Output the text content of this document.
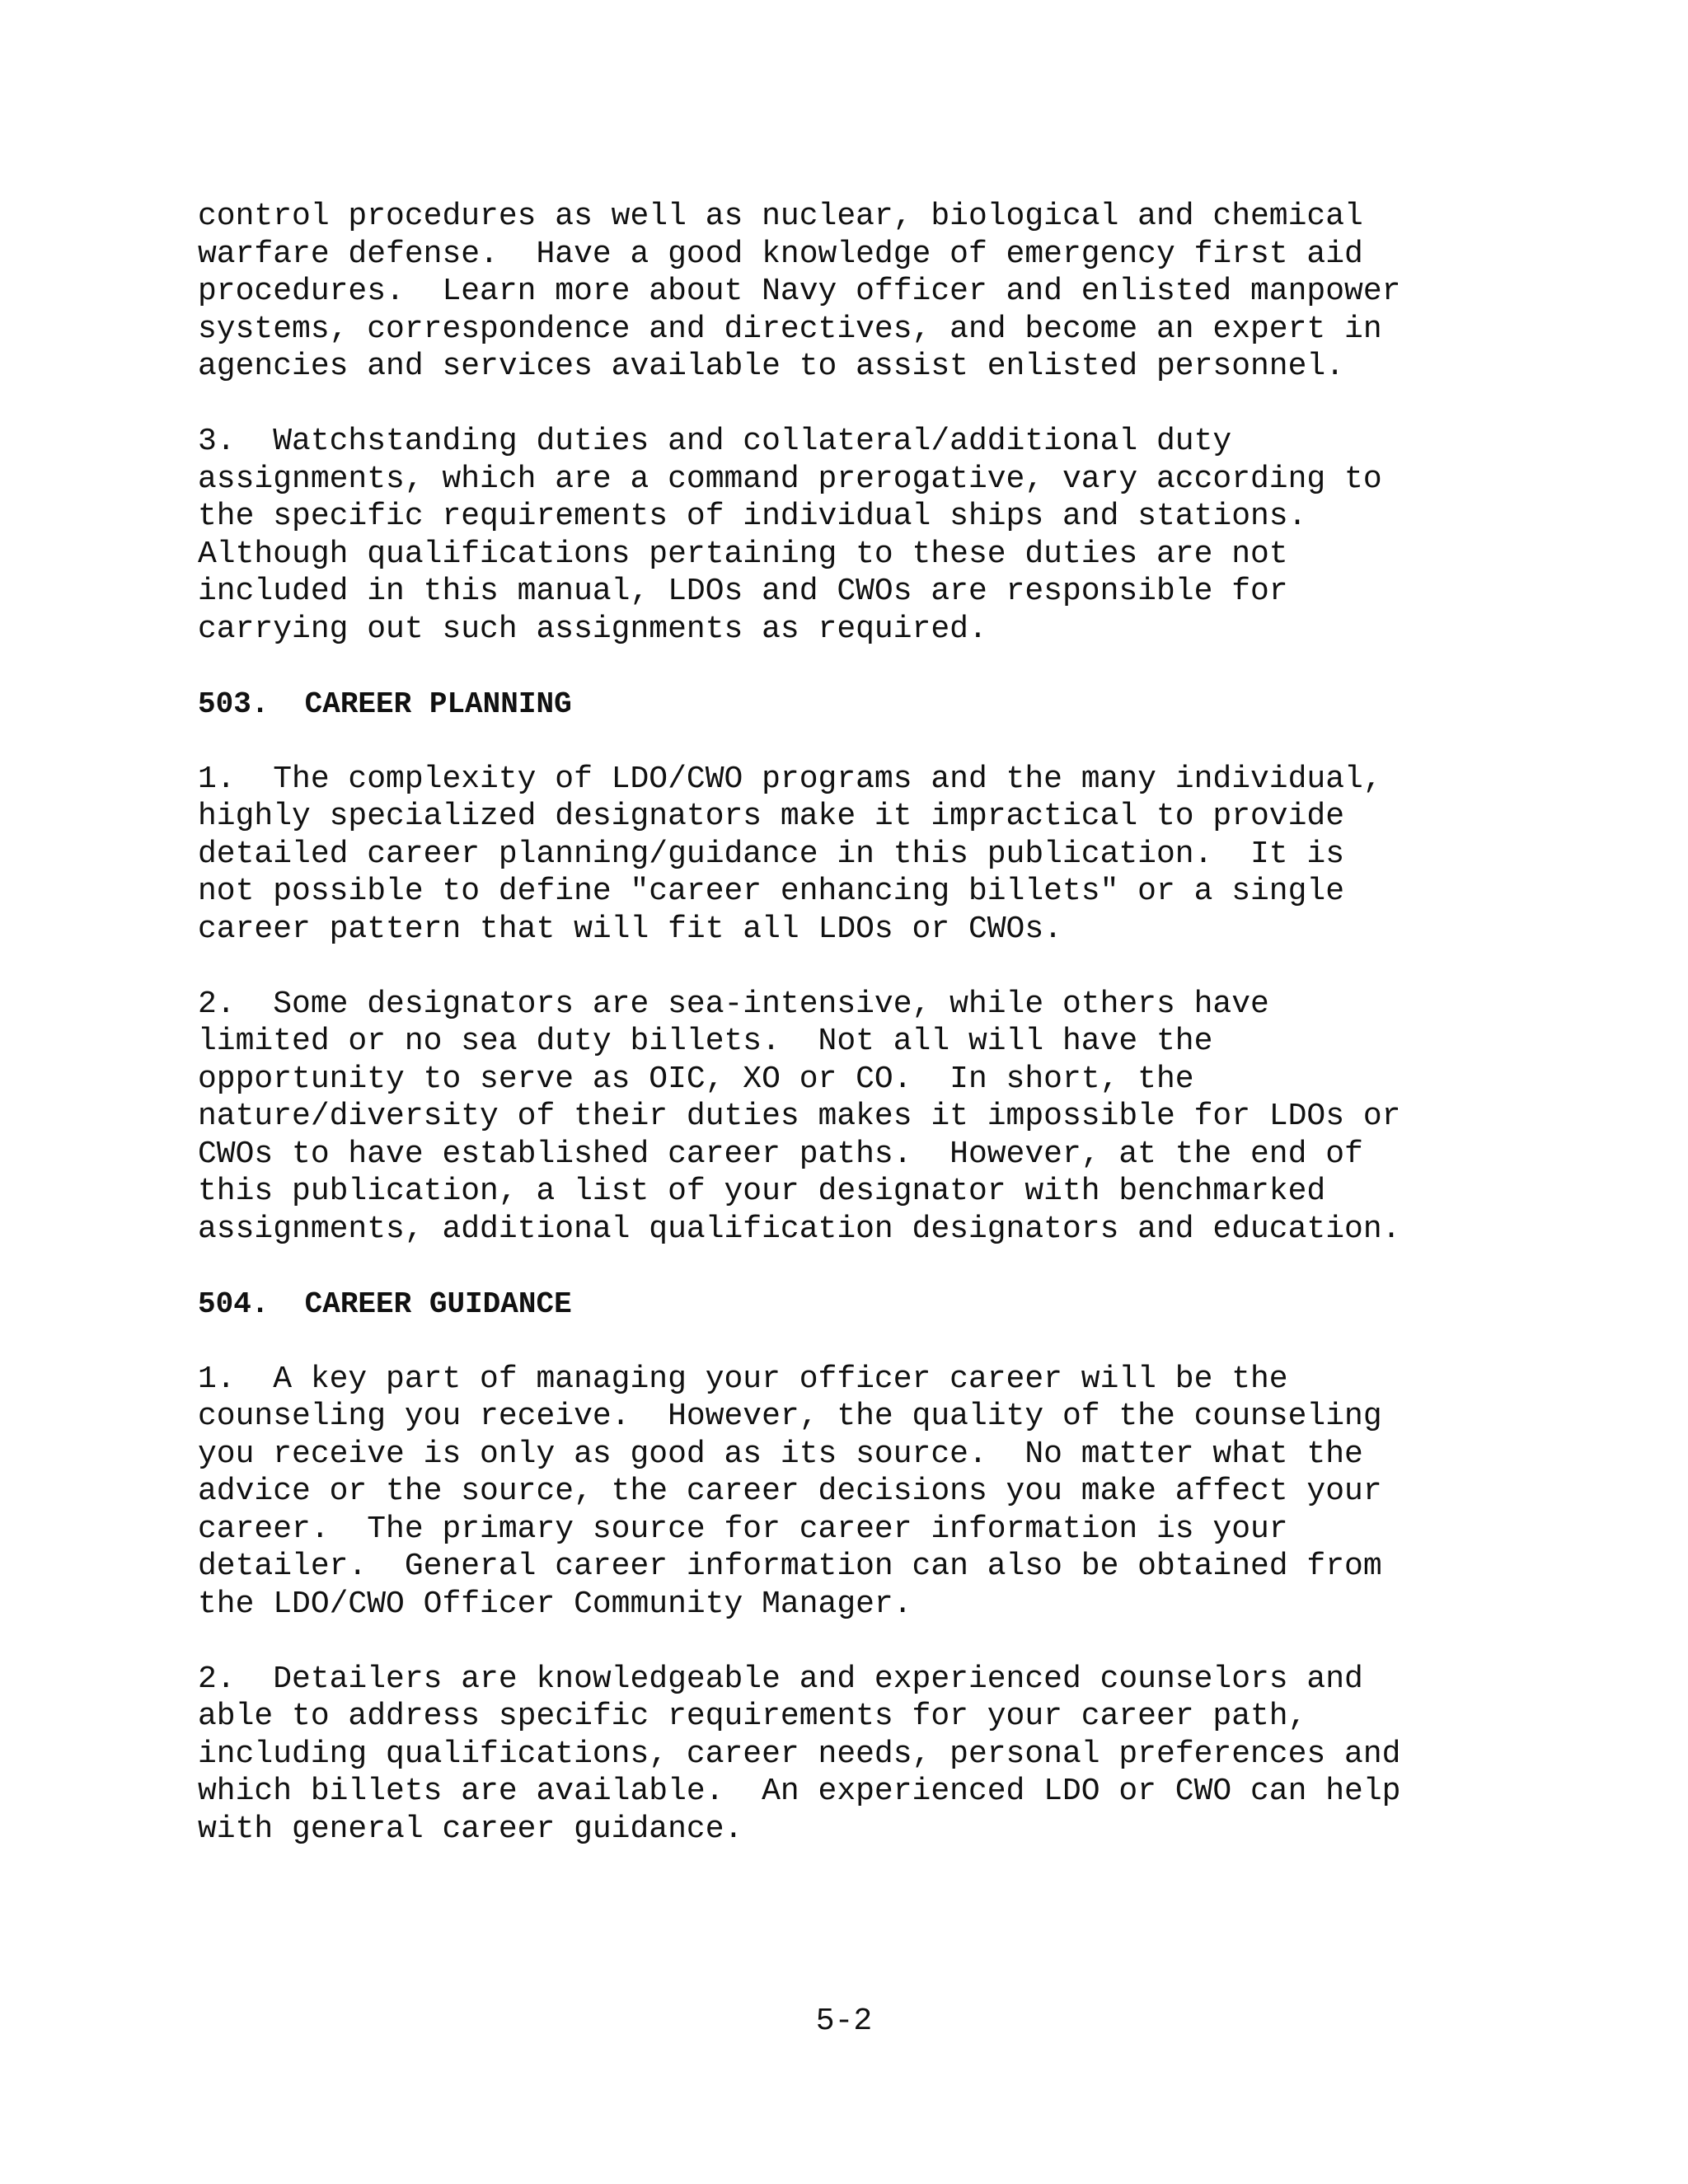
control procedures as well as nuclear, biological and chemical
warfare defense.  Have a good knowledge of emergency first aid
procedures.  Learn more about Navy officer and enlisted manpower
systems, correspondence and directives, and become an expert in
agencies and services available to assist enlisted personnel.
3.  Watchstanding duties and collateral/additional duty
assignments, which are a command prerogative, vary according to
the specific requirements of individual ships and stations.
Although qualifications pertaining to these duties are not
included in this manual, LDOs and CWOs are responsible for
carrying out such assignments as required.
503.  CAREER PLANNING
1.  The complexity of LDO/CWO programs and the many individual,
highly specialized designators make it impractical to provide
detailed career planning/guidance in this publication.  It is
not possible to define "career enhancing billets" or a single
career pattern that will fit all LDOs or CWOs.
2.  Some designators are sea-intensive, while others have
limited or no sea duty billets.  Not all will have the
opportunity to serve as OIC, XO or CO.  In short, the
nature/diversity of their duties makes it impossible for LDOs or
CWOs to have established career paths.  However, at the end of
this publication, a list of your designator with benchmarked
assignments, additional qualification designators and education.
504.  CAREER GUIDANCE
1.  A key part of managing your officer career will be the
counseling you receive.  However, the quality of the counseling
you receive is only as good as its source.  No matter what the
advice or the source, the career decisions you make affect your
career.  The primary source for career information is your
detailer.  General career information can also be obtained from
the LDO/CWO Officer Community Manager.
2.  Detailers are knowledgeable and experienced counselors and
able to address specific requirements for your career path,
including qualifications, career needs, personal preferences and
which billets are available.  An experienced LDO or CWO can help
with general career guidance.
5-2
